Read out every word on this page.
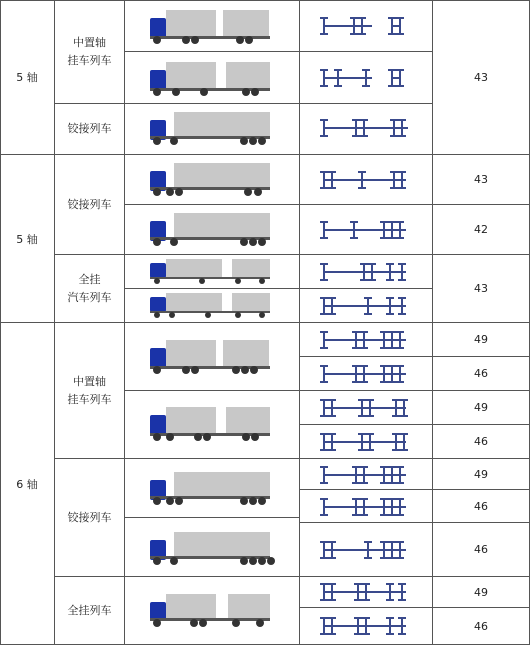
5 轴
5 轴
6 轴
中置轴
挂车列车
铰接列车
铰接列车
全挂
汽车列车
中置轴
挂车列车
铰接列车
全挂列车
43
43
42
43
49
46
49
46
49
46
46
49
46
